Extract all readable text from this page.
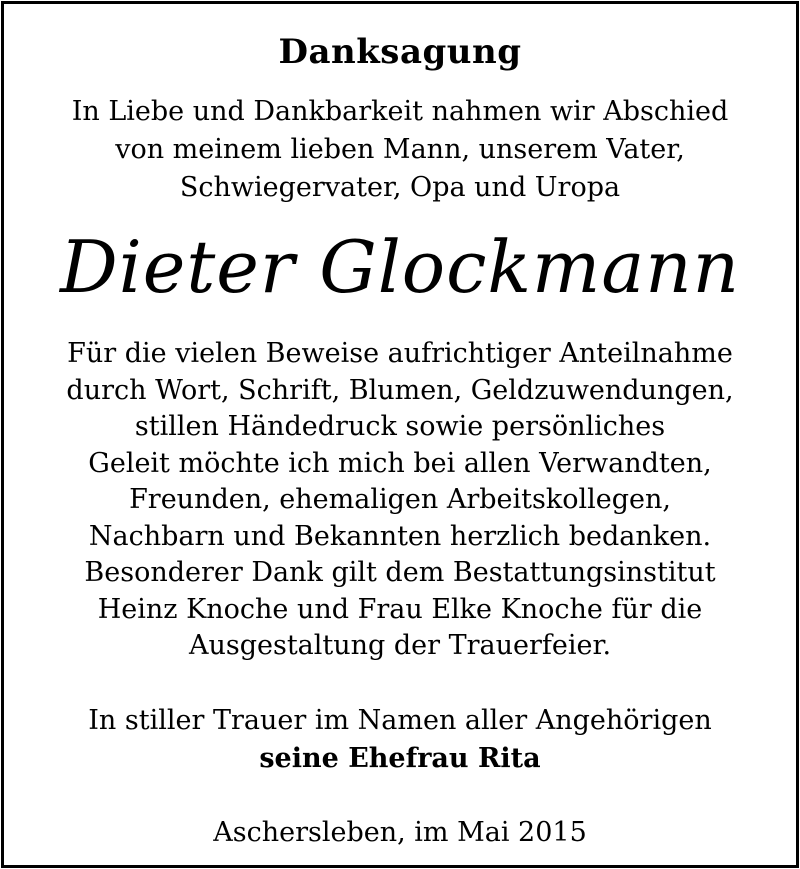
Danksagung
In Liebe und Dankbarkeit nahmen wir Abschied
von meinem lieben Mann, unserem Vater,
Schwiegervater, Opa und Uropa
Dieter Glockmann
Für die vielen Beweise aufrichtiger Anteilnahme
durch Wort, Schrift, Blumen, Geldzuwendungen,
stillen Händedruck sowie persönliches
Geleit möchte ich mich bei allen Verwandten,
Freunden, ehemaligen Arbeitskollegen,
Nachbarn und Bekannten herzlich bedanken.
Besonderer Dank gilt dem Bestattungsinstitut
Heinz Knoche und Frau Elke Knoche für die
Ausgestaltung der Trauerfeier.
In stiller Trauer im Namen aller Angehörigen
seine Ehefrau Rita
Aschersleben, im Mai 2015
